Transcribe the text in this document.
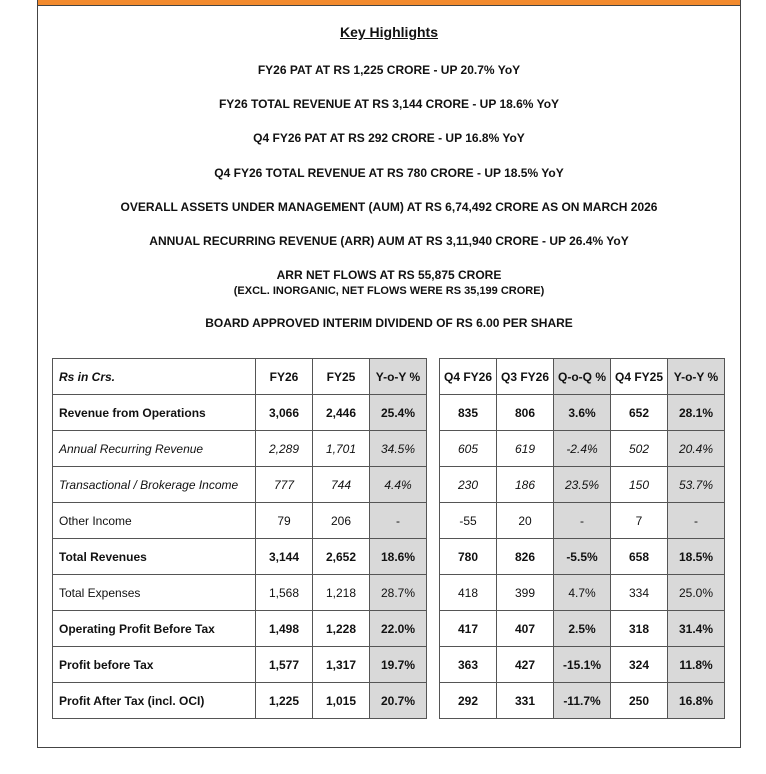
Key Highlights
FY26 PAT AT RS 1,225 CRORE - UP 20.7% YoY
FY26 TOTAL REVENUE AT RS 3,144 CRORE - UP 18.6% YoY
Q4 FY26 PAT AT RS 292 CRORE - UP 16.8% YoY
Q4 FY26 TOTAL REVENUE AT RS 780 CRORE - UP 18.5% YoY
OVERALL ASSETS UNDER MANAGEMENT (AUM) AT RS 6,74,492 CRORE AS ON MARCH 2026
ANNUAL RECURRING REVENUE (ARR) AUM AT RS 3,11,940 CRORE - UP 26.4% YoY
ARR NET FLOWS AT RS 55,875 CRORE
(EXCL. INORGANIC, NET FLOWS WERE RS 35,199 CRORE)
BOARD APPROVED INTERIM DIVIDEND OF RS 6.00 PER SHARE
Rs in Crs.	FY26	FY25	Y-o-Y %		Q4 FY26	Q3 FY26	Q-o-Q %	Q4 FY25	Y-o-Y %
Revenue from Operations	3,066	2,446	25.4%		835	806	3.6%	652	28.1%
Annual Recurring Revenue	2,289	1,701	34.5%		605	619	-2.4%	502	20.4%
Transactional / Brokerage Income	777	744	4.4%		230	186	23.5%	150	53.7%
Other Income	79	206	-		-55	20	-	7	-
Total Revenues	3,144	2,652	18.6%		780	826	-5.5%	658	18.5%
Total Expenses	1,568	1,218	28.7%		418	399	4.7%	334	25.0%
Operating Profit Before Tax	1,498	1,228	22.0%		417	407	2.5%	318	31.4%
Profit before Tax	1,577	1,317	19.7%		363	427	-15.1%	324	11.8%
Profit After Tax (incl. OCI)	1,225	1,015	20.7%		292	331	-11.7%	250	16.8%
